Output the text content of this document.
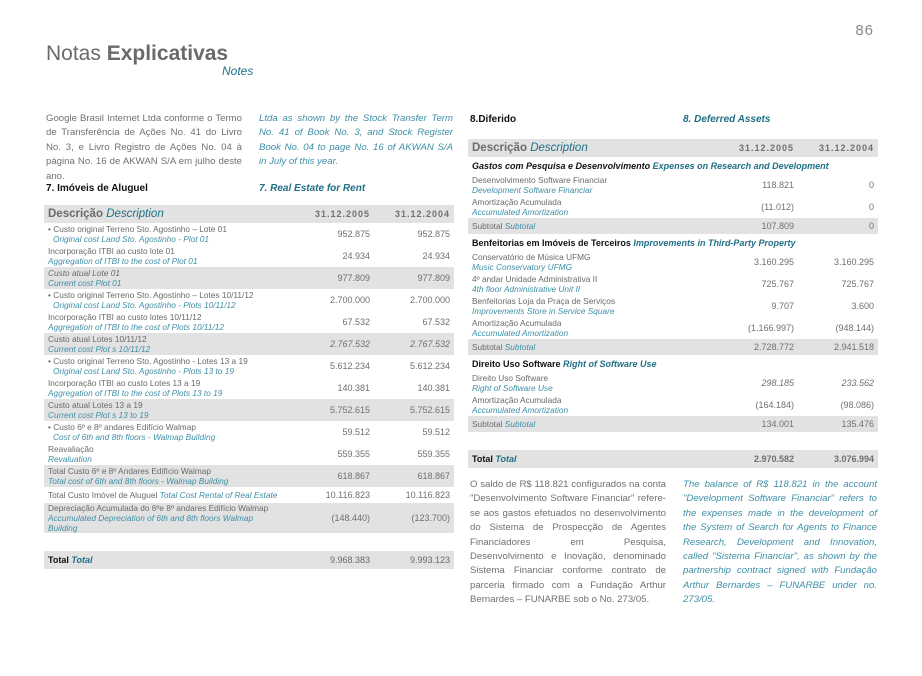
86
Notas Explicativas
Notes
Google Brasil Internet Ltda conforme o Termo de Transferência de Ações No. 41 do Livro No. 3, e Livro Registro de Ações No. 04 à página No. 16 de AKWAN S/A em julho deste ano.
Ltda as shown by the Stock Transfer Term No. 41 of Book No. 3, and Stock Register Book No. 04 to page No. 16 of AKWAN S/A in July of this year.
7. Imóveis de Aluguel	7. Real Estate for Rent
Descrição Description	31.12.2005	31.12.2004

• Custo original Terreno Sto. Agostinho – Lote 01
Original cost Land Sto. Agostinho - Plot 01	952.875	952.875

Incorporação ITBI ao custo lote 01
Aggregation of ITBI to the cost of Plot 01	24.934	24.934

Custo atual Lote 01
Current cost Plot 01	977.809	977.809

• Custo original Terreno Sto. Agostinho – Lotes 10/11/12
Original cost Land Sto. Agostinho - Plots 10/11/12	2.700.000	2.700.000

Incorporação ITBI ao custo lotes 10/11/12
Aggregation of ITBI to the cost of Plots 10/11/12	67.532	67.532

Custo atual Lotes 10/11/12
Current cost Plot s 10/11/12	2.767.532	2.767.532

• Custo original Terreno Sto. Agostinho - Lotes 13 a 19
Original cost Land Sto. Agostinho - Plots 13 to 19	5.612.234	5.612.234

Incorporação ITBI ao custo Lotes 13 a 19
Aggregation of ITBI to the cost of Plots 13 to 19	140.381	140.381

Custo atual Lotes 13 a 19
Current cost Plot s 13 to 19	5.752.615	5.752.615

• Custo 6º e 8º andares Edifício Walmap
Cost of 6th and 8th floors - Walmap Building	59.512	59.512

Reavaliação
Revaluation	559.355	559.355

Total Custo 6º e 8º Andares Edifício Walmap
Total cost of 6th and 8th floors - Walmap Building	618.867	618.867
Total Custo Imóvel de Aluguel Total Cost Rental of Real Estate	10.116.823	10.116.823

Depreciação Acumulada do 6ºe 8º andares Edifício Walmap
Accumulated Depreciation of 6th and 8th floors Walmap Building	(148.440)	(123.700)

Total Total	9.968.383	9.993.123
8.Diferido	8. Deferred Assets
Descrição Description	31.12.2005	31.12.2004
Gastos com Pesquisa e Desenvolvimento Expenses on Research and Development		

Desenvolvimento Software Financiar
Development Software Financiar	118.821	0

Amortização Acumulada
Accumulated Amortization	(11.012)	0
Subtotal Subtotal	107.809	0
Benfeitorias em Imóveis de Terceiros Improvements in Third-Party Property		

Conservatório de Música UFMG
Music Conservatory UFMG	3.160.295	3.160.295

4º andar Unidade Administrativa II
4th floor Administrative Unit II	725.767	725.767

Benfeitorias Loja da Praça de Serviços
Improvements Store in Service Square	9.707	3.600

Amortização Acumulada
Accumulated Amortization	(1.166.997)	(948.144)
Subtotal Subtotal	2.728.772	2.941.518
Direito Uso Software Right of Software Use		

Direito Uso Software
Right of Software Use	298.185	233.562

Amortização Acumulada
Accumulated Amortization	(164.184)	(98.086)
Subtotal Subtotal	134.001	135.476

Total Total	2.970.582	3.076.994
O saldo de R$ 118.821 configurados na conta "Desenvolvimento Software Financiar" refere-se aos gastos efetuados no desenvolvimento do Sistema de Prospecção de Agentes Financiadores em Pesquisa, Desenvolvimento e Inovação, denominado Sistema Financiar conforme contrato de parceria firmado com a Fundação Arthur Bernardes – FUNARBE sob o No. 273/05.
The balance of R$ 118.821 in the account "Development Software Financiar" refers to the expenses made in the development of the System of Search for Agents to Finance Research, Development and Innovation, called "Sistema Financiar", as shown by the partnership contract signed with Fundação Arthur Bernardes – FUNARBE under no. 273/05.
